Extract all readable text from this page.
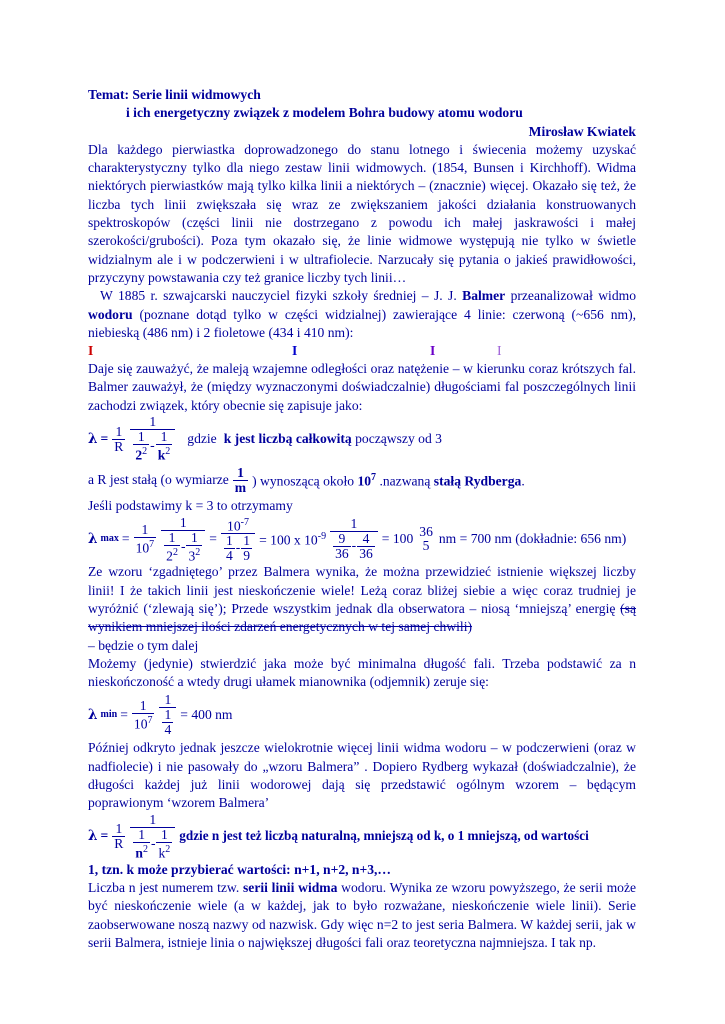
Temat: Serie linii widmowych

i ich energetyczny związek z modelem Bohra budowy atomu wodoru

Mirosław Kwiatek

Dla każdego pierwiastka doprowadzonego do stanu lotnego i świecenia możemy uzyskać charakterystyczny tylko dla niego zestaw linii widmowych. (1854, Bunsen i Kirchhoff). Widma niektórych pierwiastków mają tylko kilka linii a niektórych – (znacznie) więcej. Okazało się też, że liczba tych linii zwiększała się wraz ze zwiększaniem jakości działania konstruowanych spektroskopów (części linii nie dostrzegano z powodu ich małej jaskrawości i małej szerokości/grubości). Poza tym okazało się, że linie widmowe występują nie tylko w świetle widzialnym ale i w podczerwieni i w ultrafiolecie. Narzucały się pytania o jakieś prawidłowości, przyczyny powstawania czy też granice liczby tych linii…

W 1885 r. szwajcarski nauczyciel fizyki szkoły średniej – J. J. Balmer przeanalizował widmo wodoru (poznane dotąd tylko w części widzialnej) zawierające 4 linie: czerwoną (~656 nm), niebieską (486 nm) i 2 fioletowe (434 i 410 nm):

I	I	I	I

Daje się zauważyć, że maleją wzajemne odległości oraz natężenie – w kierunku coraz krótszych fal. Balmer zauważył, że (między wyznaczonymi doświadczalnie) długościami fal poszczególnych linii zachodzi związek, który obecnie się zapisuje jako:

$\lambda = \frac{1}{R}$
1
$\frac{1}{2^2} - \frac{1}{k^2}$ gdzie k jest liczbą całkowitą począwszy od 3
a R jest stałą (o wymiarze 1
m ) wynoszącą około $10^7$ .nazwaną stałą Rydberga.

Jeśli podstawimy k = 3 to otrzymamy

λ $\max = \frac{1}{10^7} \frac{1}{\frac{1}{2^2} - \frac{1}{3^2}} = \frac{10^{-7}}{\frac{1}{4} - \frac{1}{9}} = 100$ x $10^{-9} \frac{1}{\frac{9}{36} - \frac{4}{36}} = 100$ 36
5 nm = 700 nm (dokładnie: 656 nm)

Ze wzoru ‘zgadniętego’ przez Balmera wynika, że można przewidzieć istnienie większej liczby linii! I że takich linii jest nieskończenie wiele! Leżą coraz bliżej siebie a więc coraz trudniej je wyróżnić (‘zlewają się’); Przede wszystkim jednak dla obserwatora – niosą ‘mniejszą’ energię (są wynikiem mniejszej ilości zdarzeń energetycznych w tej samej chwili)
– będzie o tym dalej

Możemy (jedynie) stwierdzić jaka może być minimalna długość fali. Trzeba podstawić za n nieskończoność a wtedy drugi ułamek mianownika (odjemnik) zeruje się:

λ $\min = \frac{1}{10^7} \frac{1}{\frac{1}{4}} = 400$ nm

Później odkryto jednak jeszcze wielokrotnie więcej linii widma wodoru – w podczerwieni (oraz w nadfiolecie) i nie pasowały do „wzoru Balmera” . Dopiero Rydberg wykazał (doświadczalnie), że długości każdej już linii wodorowej dają się przedstawić ogólnym wzorem – będącym poprawionym ‘wzorem Balmera’

$\lambda = \frac{1}{R}$
1
$\frac{1}{n^2} - \frac{1}{k^2}$ gdzie n jest też liczbą naturalną, mniejszą od k, o 1 mniejszą, od wartości

1, tzn. k może przybierać wartości: n+1, n+2, n+3,…

Liczba n jest numerem tzw. serii linii widma wodoru. Wynika ze wzoru powyższego, że serii może być nieskończenie wiele (a w każdej, jak to było rozważane, nieskończenie wiele linii). Serie zaobserwowane noszą nazwy od nazwisk. Gdy więc n=2 to jest seria Balmera. W każdej serii, jak w serii Balmera, istnieje linia o największej długości fali oraz teoretyczna najmniejsza. I tak np.
